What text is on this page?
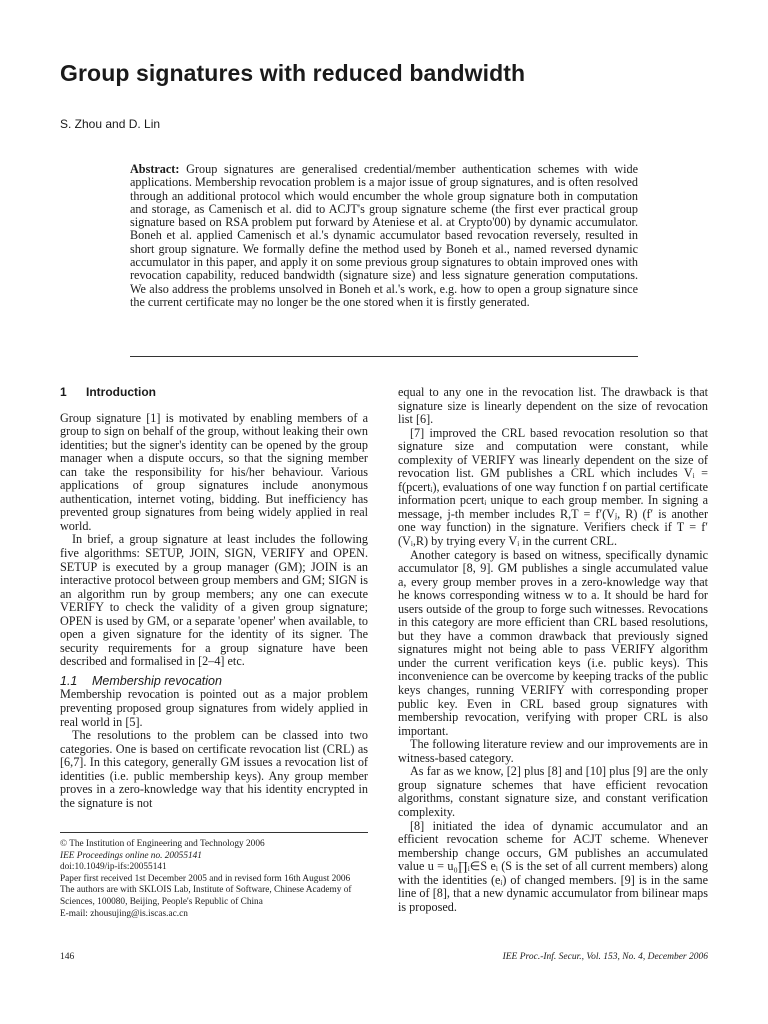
Group signatures with reduced bandwidth
S. Zhou and D. Lin

Abstract: Group signatures are generalised credential/member authentication schemes with wide applications. Membership revocation problem is a major issue of group signatures, and is often resolved through an additional protocol which would encumber the whole group signature both in computation and storage, as Camenisch et al. did to ACJT's group signature scheme (the first ever practical group signature based on RSA problem put forward by Ateniese et al. at Crypto'00) by dynamic accumulator. Boneh et al. applied Camenisch et al.'s dynamic accumulator based revocation reversely, resulted in short group signature. We formally define the method used by Boneh et al., named reversed dynamic accumulator in this paper, and apply it on some previous group signatures to obtain improved ones with revocation capability, reduced bandwidth (signature size) and less signature generation computations. We also address the problems unsolved in Boneh et al.'s work, e.g. how to open a group signature since the current certificate may no longer be the one stored when it is firstly generated.

1 Introduction

Group signature [1] is motivated by enabling members of a group to sign on behalf of the group, without leaking their own identities; but the signer's identity can be opened by the group manager when a dispute occurs, so that the signing member can take the responsibility for his/her behaviour. Various applications of group signatures include anonymous authentication, internet voting, bidding. But inefficiency has prevented group signatures from being widely applied in real world.

In brief, a group signature at least includes the following five algorithms: SETUP, JOIN, SIGN, VERIFY and OPEN. SETUP is executed by a group manager (GM); JOIN is an interactive protocol between group members and GM; SIGN is an algorithm run by group members; any one can execute VERIFY to check the validity of a given group signature; OPEN is used by GM, or a separate 'opener' when available, to open a given signature for the identity of its signer. The security requirements for a group signature have been described and formalised in [2–4] etc.

1.1 Membership revocation

Membership revocation is pointed out as a major problem preventing proposed group signatures from widely applied in real world in [5].

The resolutions to the problem can be classed into two categories. One is based on certificate revocation list (CRL) as [6,7]. In this category, generally GM issues a revocation list of identities (i.e. public membership keys). Any group member proves in a zero-knowledge way that his identity encrypted in the signature is not

© The Institution of Engineering and Technology 2006
IEE Proceedings online no. 20055141
doi:10.1049/ip-ifs:20055141
Paper first received 1st December 2005 and in revised form 16th August 2006
The authors are with SKLOIS Lab, Institute of Software, Chinese Academy of Sciences, 100080, Beijing, People's Republic of China
E-mail: zhousujing@is.iscas.ac.cn

equal to any one in the revocation list. The drawback is that signature size is linearly dependent on the size of revocation list [6].

[7] improved the CRL based revocation resolution so that signature size and computation were constant, while complexity of VERIFY was linearly dependent on the size of revocation list. GM publishes a CRL which includes Vᵢ = f(pcertᵢ), evaluations of one way function f on partial certificate information pcertᵢ unique to each group member. In signing a message, j-th member includes R,T = f′(Vⱼ, R) (f′ is another one way function) in the signature. Verifiers check if T = f′(Vᵢ,R) by trying every Vᵢ in the current CRL.

Another category is based on witness, specifically dynamic accumulator [8, 9]. GM publishes a single accumulated value a, every group member proves in a zero-knowledge way that he knows corresponding witness w to a. It should be hard for users outside of the group to forge such witnesses. Revocations in this category are more efficient than CRL based resolutions, but they have a common drawback that previously signed signatures might not being able to pass VERIFY algorithm under the current verification keys (i.e. public keys). This inconvenience can be overcome by keeping tracks of the public keys changes, running VERIFY with corresponding proper public key. Even in CRL based group signatures with membership revocation, verifying with proper CRL is also important.

The following literature review and our improvements are in witness-based category.

As far as we know, [2] plus [8] and [10] plus [9] are the only group signature schemes that have efficient revocation algorithms, constant signature size, and constant verification complexity.

[8] initiated the idea of dynamic accumulator and an efficient revocation scheme for ACJT scheme. Whenever membership change occurs, GM publishes an accumulated value u = u₀∏ᵢ∈S eᵢ (S is the set of all current members) along with the identities (eᵢ) of changed members. [9] is in the same line of [8], that a new dynamic accumulator from bilinear maps is proposed.

146	IEE Proc.-Inf. Secur., Vol. 153, No. 4, December 2006
